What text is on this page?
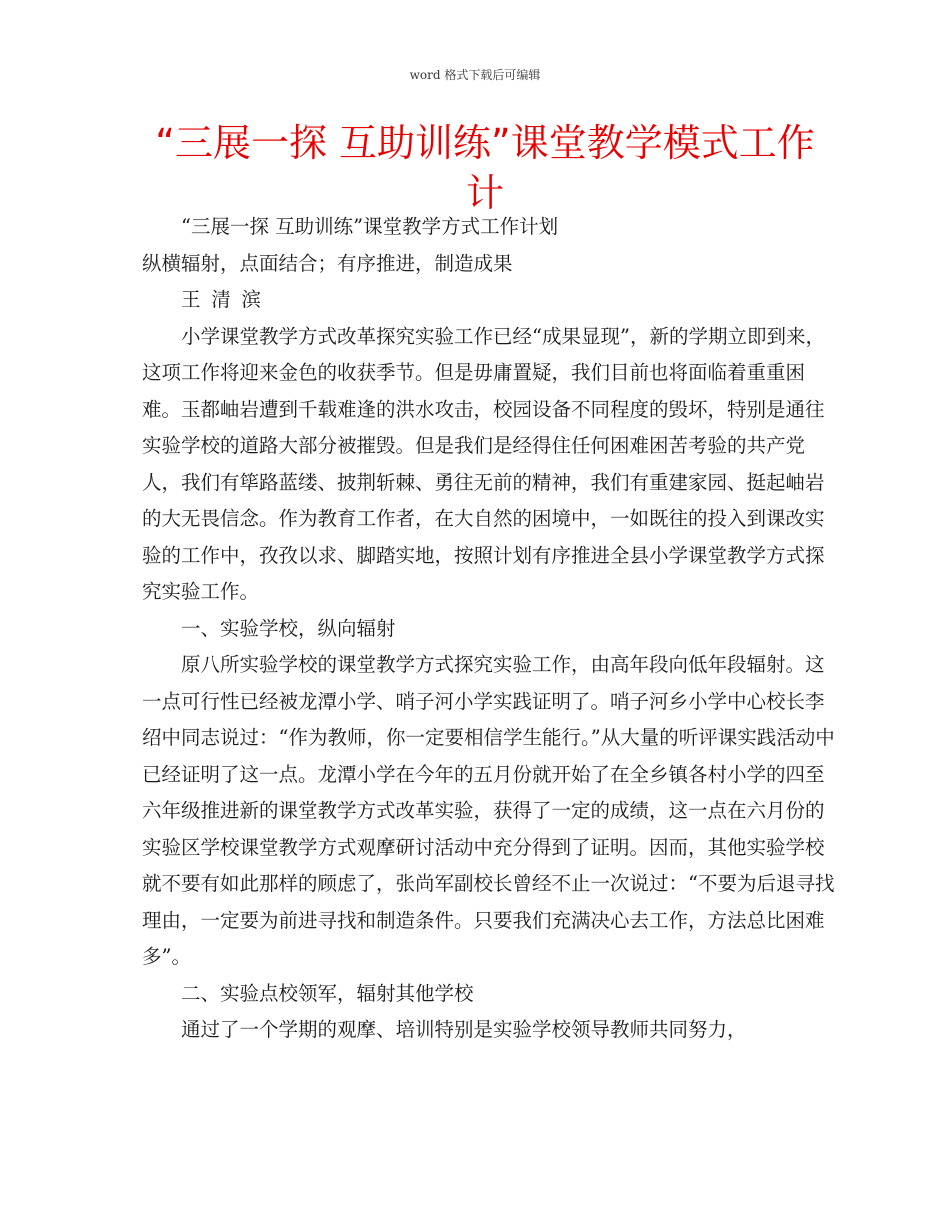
word 格式下载后可编辑
“三展一探 互助训练”课堂教学模式工作计

“三展一探 互助训练”课堂教学方式工作计划

纵横辐射，点面结合；有序推进，制造成果

王清滨

小学课堂教学方式改革探究实验工作已经“成果显现”，新的学期立即到来，这项工作将迎来金色的收获季节。但是毋庸置疑，我们目前也将面临着重重困难。玉都岫岩遭到千载难逢的洪水攻击，校园设备不同程度的毁坏，特别是通往实验学校的道路大部分被摧毁。但是我们是经得住任何困难困苦考验的共产党人，我们有筚路蓝缕、披荆斩棘、勇往无前的精神，我们有重建家园、挺起岫岩的大无畏信念。作为教育工作者，在大自然的困境中，一如既往的投入到课改实验的工作中，孜孜以求、脚踏实地，按照计划有序推进全县小学课堂教学方式探究实验工作。

一、实验学校，纵向辐射

原八所实验学校的课堂教学方式探究实验工作，由高年段向低年段辐射。这一点可行性已经被龙潭小学、哨子河小学实践证明了。哨子河乡小学中心校长李绍中同志说过：“作为教师，你一定要相信学生能行。”从大量的听评课实践活动中已经证明了这一点。龙潭小学在今年的五月份就开始了在全乡镇各村小学的四至六年级推进新的课堂教学方式改革实验，获得了一定的成绩，这一点在六月份的实验区学校课堂教学方式观摩研讨活动中充分得到了证明。因而，其他实验学校就不要有如此那样的顾虑了，张尚军副校长曾经不止一次说过：“不要为后退寻找理由，一定要为前进寻找和制造条件。只要我们充满决心去工作，方法总比困难多”。

二、实验点校领军，辐射其他学校

通过了一个学期的观摩、培训特别是实验学校领导教师共同努力，
